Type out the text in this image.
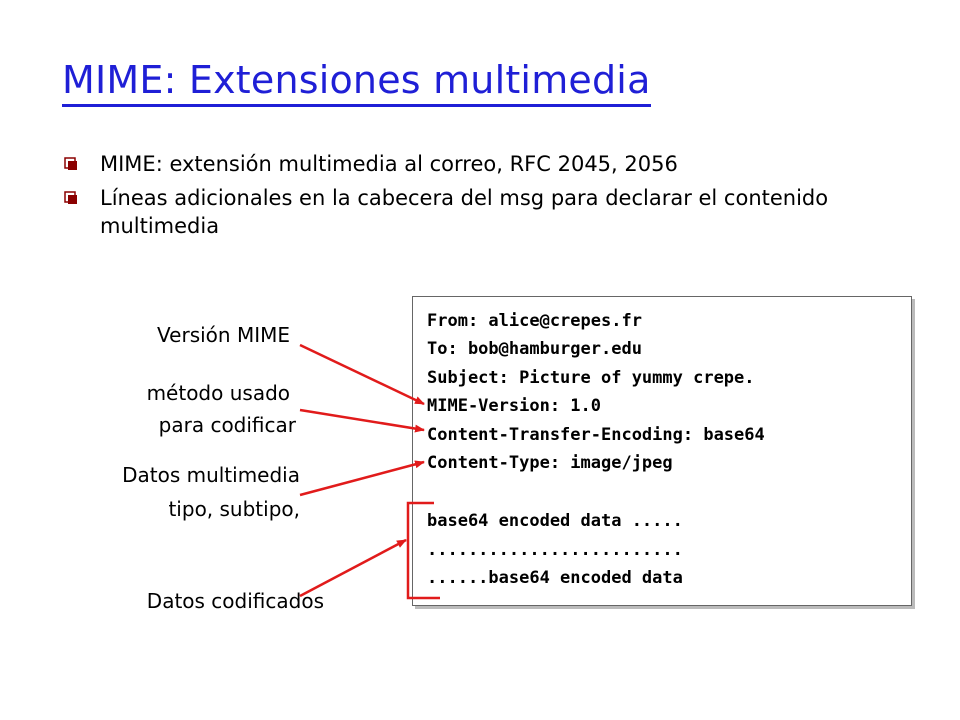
MIME: Extensiones multimedia
MIME: extensión multimedia al correo, RFC 2045, 2056
Líneas adicionales en la cabecera del msg para declarar el contenido multimedia
Versión MIME
método usado
para codificar
Datos multimedia
tipo, subtipo,
Datos codificados
From: alice@crepes.fr
To: bob@hamburger.edu
Subject: Picture of yummy crepe.
MIME-Version: 1.0
Content-Transfer-Encoding: base64
Content-Type: image/jpeg
base64 encoded data .....
.........................
......base64 encoded data
